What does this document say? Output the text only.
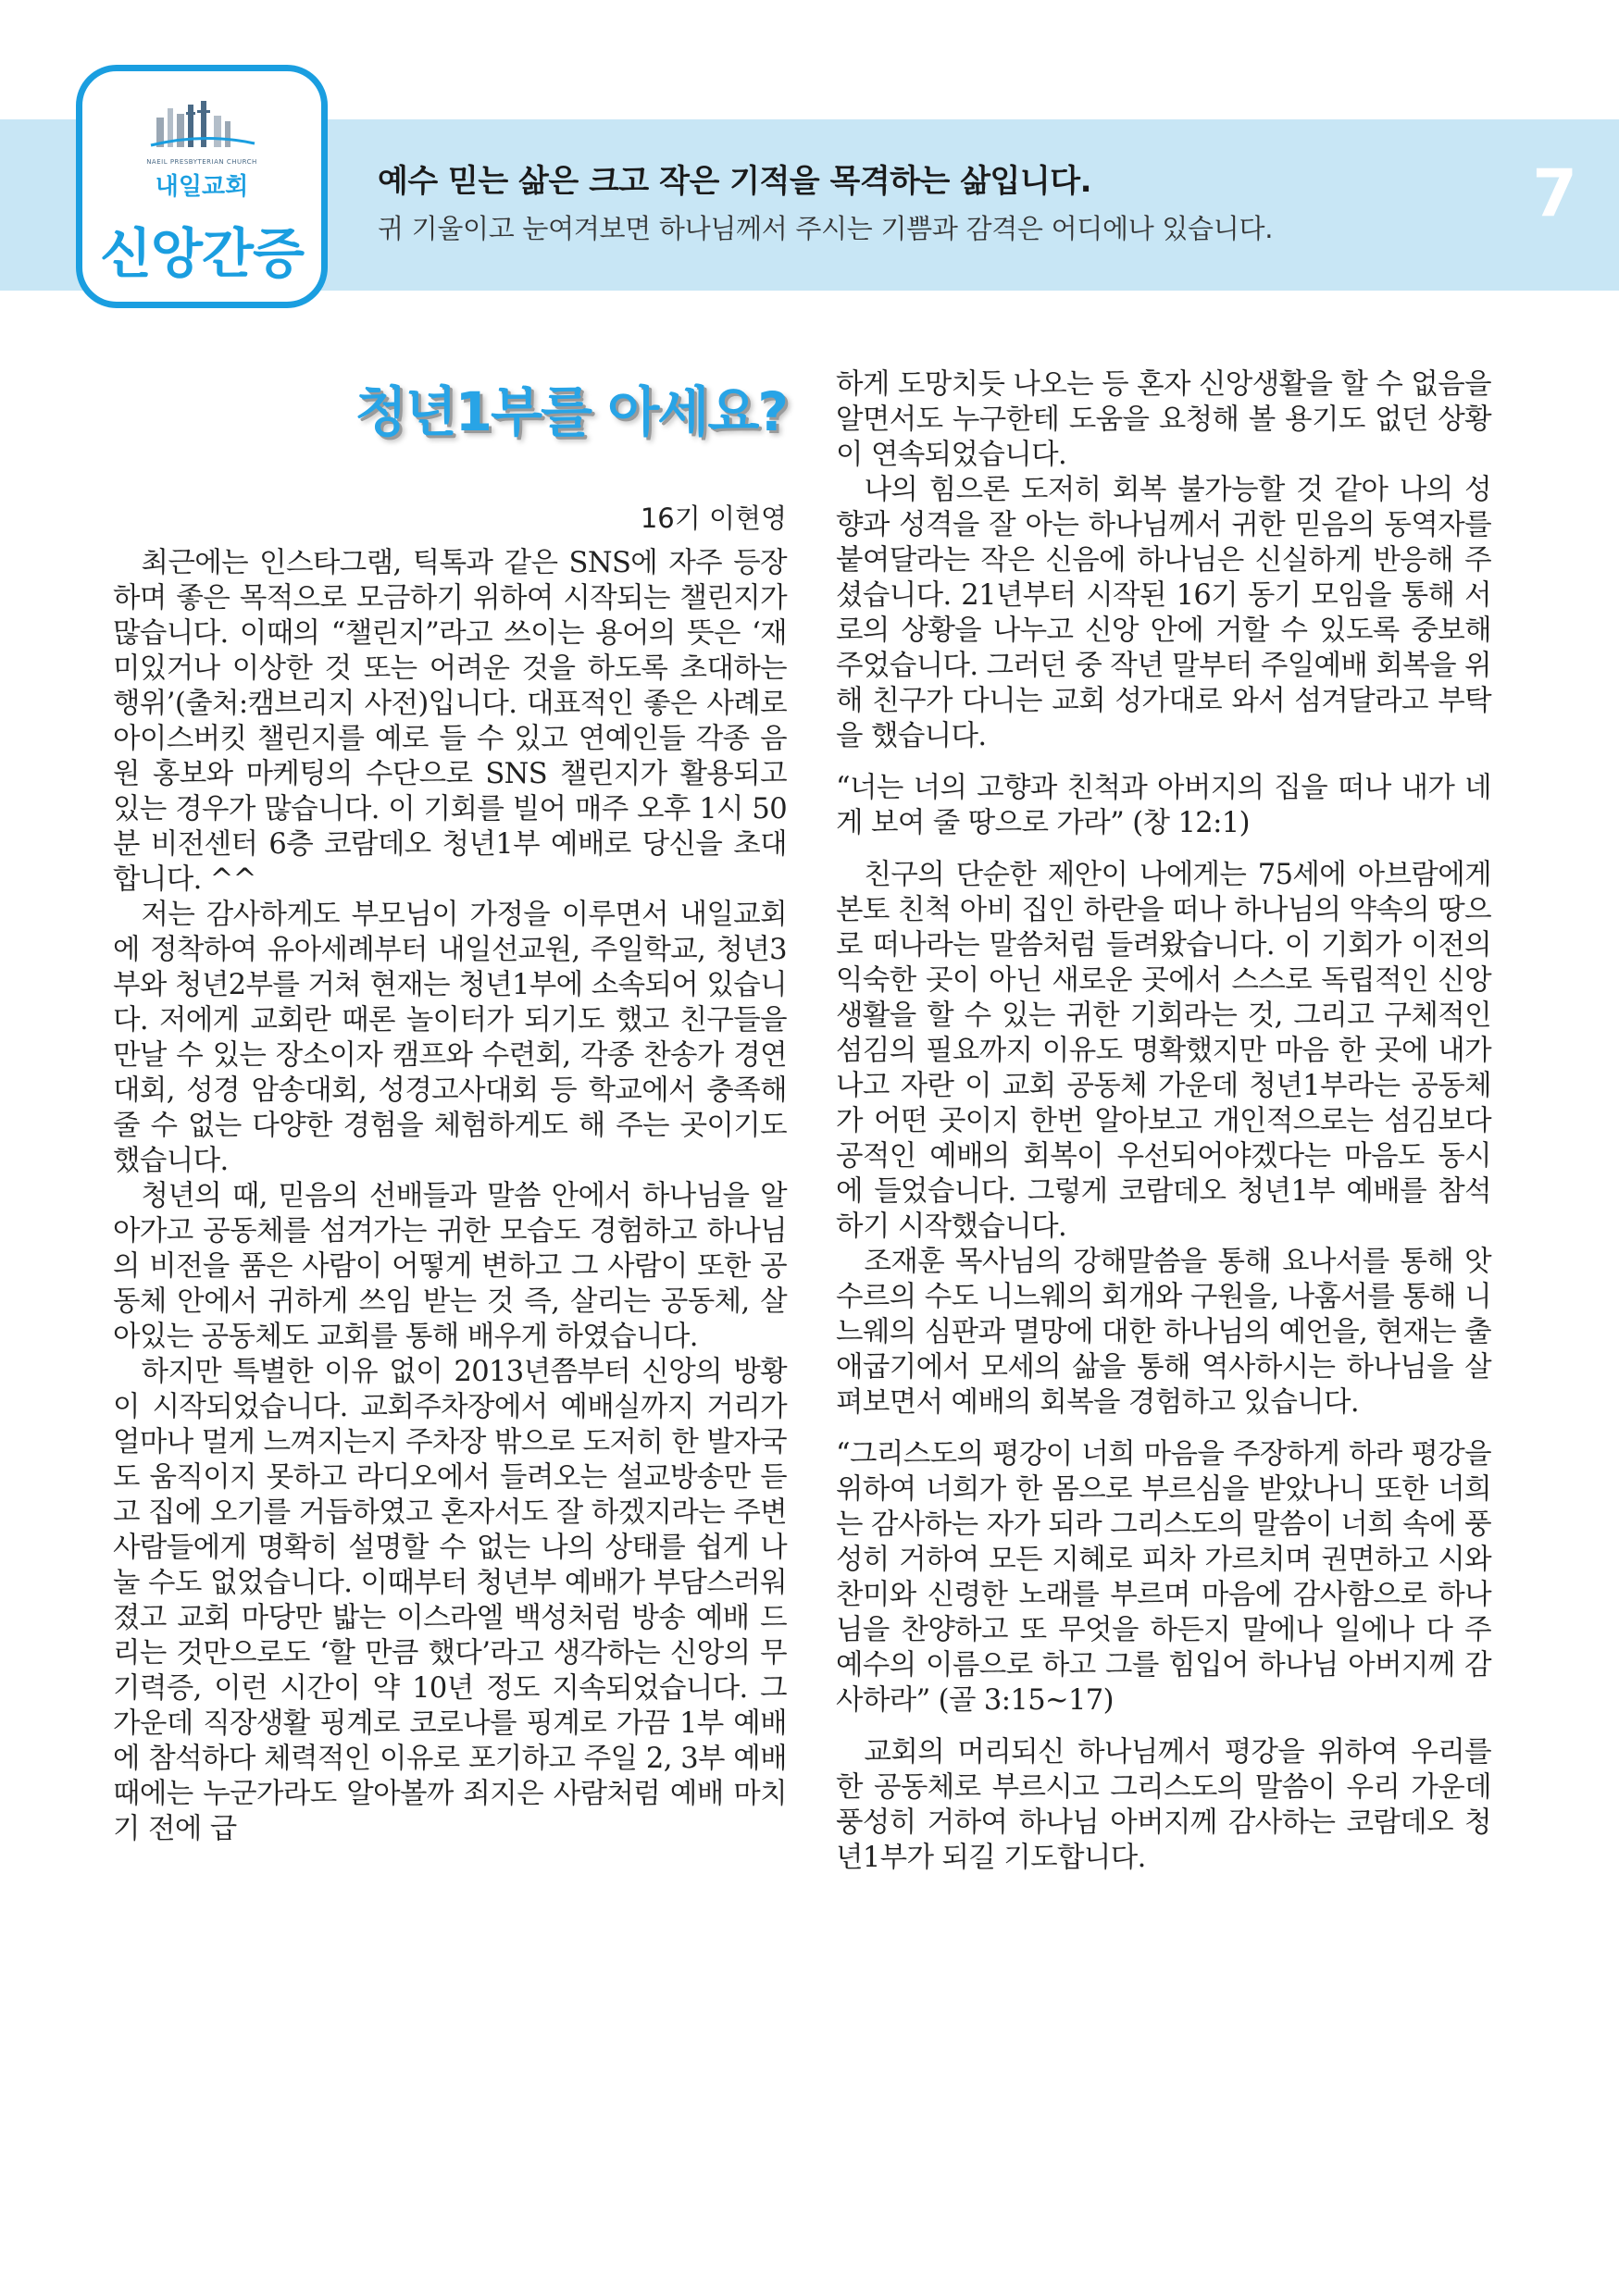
NAEIL PRESBYTERIAN CHURCH
내일교회
신앙간증
예수 믿는 삶은 크고 작은 기적을 목격하는 삶입니다.
귀 기울이고 눈여겨보면 하나님께서 주시는 기쁨과 감격은 어디에나 있습니다.	7
청년1부를 아세요?
16기 이현영

최근에는 인스타그램, 틱톡과 같은 SNS에 자주 등장하며 좋은 목적으로 모금하기 위하여 시작되는 챌린지가 많습니다. 이때의 “챌린지”라고 쓰이는 용어의 뜻은 ‘재미있거나 이상한 것 또는 어려운 것을 하도록 초대하는 행위’(출처:캠브리지 사전)입니다. 대표적인 좋은 사례로 아이스버킷 챌린지를 예로 들 수 있고 연예인들 각종 음원 홍보와 마케팅의 수단으로 SNS 챌린지가 활용되고 있는 경우가 많습니다. 이 기회를 빌어 매주 오후 1시 50분 비전센터 6층 코람데오 청년1부 예배로 당신을 초대합니다. ^^

저는 감사하게도 부모님이 가정을 이루면서 내일교회에 정착하여 유아세례부터 내일선교원, 주일학교, 청년3부와 청년2부를 거쳐 현재는 청년1부에 소속되어 있습니다. 저에게 교회란 때론 놀이터가 되기도 했고 친구들을 만날 수 있는 장소이자 캠프와 수련회, 각종 찬송가 경연대회, 성경 암송대회, 성경고사대회 등 학교에서 충족해 줄 수 없는 다양한 경험을 체험하게도 해 주는 곳이기도 했습니다.

청년의 때, 믿음의 선배들과 말씀 안에서 하나님을 알아가고 공동체를 섬겨가는 귀한 모습도 경험하고 하나님의 비전을 품은 사람이 어떻게 변하고 그 사람이 또한 공동체 안에서 귀하게 쓰임 받는 것 즉, 살리는 공동체, 살아있는 공동체도 교회를 통해 배우게 하였습니다.

하지만 특별한 이유 없이 2013년쯤부터 신앙의 방황이 시작되었습니다. 교회주차장에서 예배실까지 거리가 얼마나 멀게 느껴지는지 주차장 밖으로 도저히 한 발자국도 움직이지 못하고 라디오에서 들려오는 설교방송만 듣고 집에 오기를 거듭하였고 혼자서도 잘 하겠지라는 주변 사람들에게 명확히 설명할 수 없는 나의 상태를 쉽게 나눌 수도 없었습니다. 이때부터 청년부 예배가 부담스러워졌고 교회 마당만 밟는 이스라엘 백성처럼 방송 예배 드리는 것만으로도 ‘할 만큼 했다’라고 생각하는 신앙의 무기력증, 이런 시간이 약 10년 정도 지속되었습니다. 그 가운데 직장생활 핑계로 코로나를 핑계로 가끔 1부 예배에 참석하다 체력적인 이유로 포기하고 주일 2, 3부 예배 때에는 누군가라도 알아볼까 죄지은 사람처럼 예배 마치기 전에 급

하게 도망치듯 나오는 등 혼자 신앙생활을 할 수 없음을 알면서도 누구한테 도움을 요청해 볼 용기도 없던 상황이 연속되었습니다.

나의 힘으론 도저히 회복 불가능할 것 같아 나의 성향과 성격을 잘 아는 하나님께서 귀한 믿음의 동역자를 붙여달라는 작은 신음에 하나님은 신실하게 반응해 주셨습니다. 21년부터 시작된 16기 동기 모임을 통해 서로의 상황을 나누고 신앙 안에 거할 수 있도록 중보해 주었습니다. 그러던 중 작년 말부터 주일예배 회복을 위해 친구가 다니는 교회 성가대로 와서 섬겨달라고 부탁을 했습니다.

“너는 너의 고향과 친척과 아버지의 집을 떠나 내가 네게 보여 줄 땅으로 가라” (창 12:1)

친구의 단순한 제안이 나에게는 75세에 아브람에게 본토 친척 아비 집인 하란을 떠나 하나님의 약속의 땅으로 떠나라는 말씀처럼 들려왔습니다. 이 기회가 이전의 익숙한 곳이 아닌 새로운 곳에서 스스로 독립적인 신앙생활을 할 수 있는 귀한 기회라는 것, 그리고 구체적인 섬김의 필요까지 이유도 명확했지만 마음 한 곳에 내가 나고 자란 이 교회 공동체 가운데 청년1부라는 공동체가 어떤 곳이지 한번 알아보고 개인적으로는 섬김보다 공적인 예배의 회복이 우선되어야겠다는 마음도 동시에 들었습니다. 그렇게 코람데오 청년1부 예배를 참석하기 시작했습니다.

조재훈 목사님의 강해말씀을 통해 요나서를 통해 앗수르의 수도 니느웨의 회개와 구원을, 나훔서를 통해 니느웨의 심판과 멸망에 대한 하나님의 예언을, 현재는 출애굽기에서 모세의 삶을 통해 역사하시는 하나님을 살펴보면서 예배의 회복을 경험하고 있습니다.

“그리스도의 평강이 너희 마음을 주장하게 하라 평강을 위하여 너희가 한 몸으로 부르심을 받았나니 또한 너희는 감사하는 자가 되라 그리스도의 말씀이 너희 속에 풍성히 거하여 모든 지혜로 피차 가르치며 권면하고 시와 찬미와 신령한 노래를 부르며 마음에 감사함으로 하나님을 찬양하고 또 무엇을 하든지 말에나 일에나 다 주 예수의 이름으로 하고 그를 힘입어 하나님 아버지께 감사하라” (골 3:15~17)

교회의 머리되신 하나님께서 평강을 위하여 우리를 한 공동체로 부르시고 그리스도의 말씀이 우리 가운데 풍성히 거하여 하나님 아버지께 감사하는 코람데오 청년1부가 되길 기도합니다.
